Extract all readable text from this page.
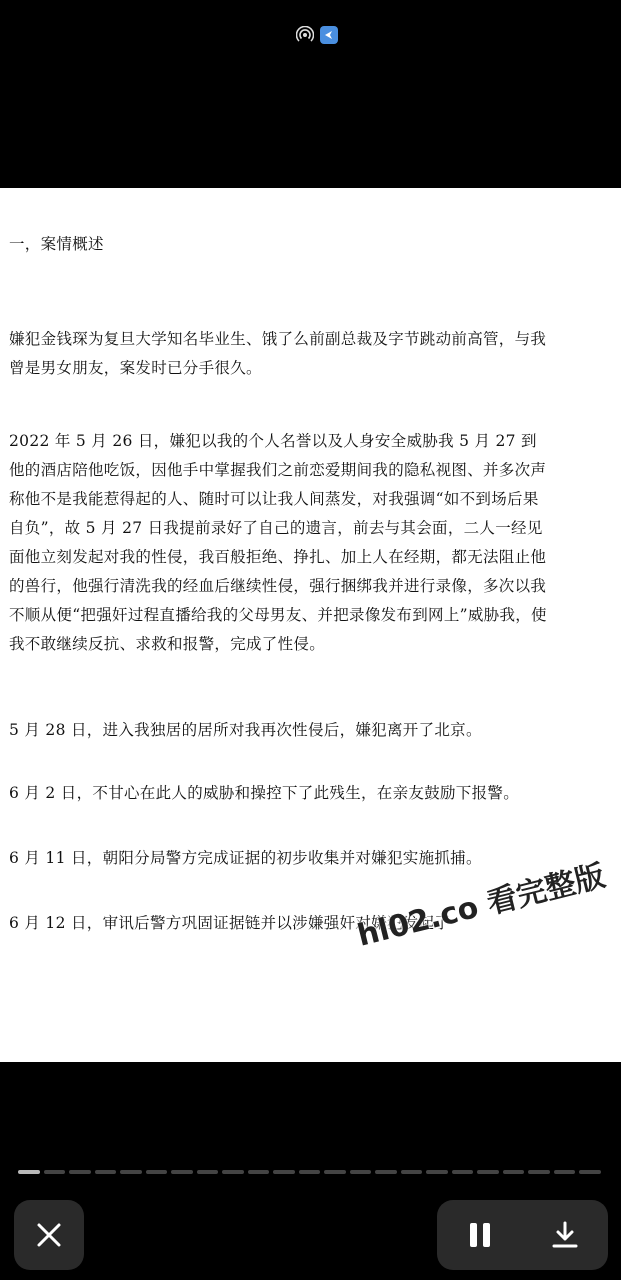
一，案情概述

嫌犯金钱琛为复旦大学知名毕业生、饿了么前副总裁及字节跳动前高管，与我曾是男女朋友，案发时已分手很久。

2022 年 5 月 26 日，嫌犯以我的个人名誉以及人身安全威胁我 5 月 27 到他的酒店陪他吃饭，因他手中掌握我们之前恋爱期间我的隐私视图、并多次声称他不是我能惹得起的人、随时可以让我人间蒸发，对我强调“如不到场后果自负”，故 5 月 27 日我提前录好了自己的遗言，前去与其会面，二人一经见面他立刻发起对我的性侵，我百般拒绝、挣扎、加上人在经期，都无法阻止他的兽行，他强行清洗我的经血后继续性侵，强行捆绑我并进行录像，多次以我不顺从便“把强奸过程直播给我的父母男友、并把录像发布到网上”威胁我，使我不敢继续反抗、求救和报警，完成了性侵。

5 月 28 日，进入我独居的居所对我再次性侵后，嫌犯离开了北京。

6 月 2 日，不甘心在此人的威胁和操控下了此残生，在亲友鼓励下报警。

6 月 11 日，朝阳分局警方完成证据的初步收集并对嫌犯实施抓捕。

6 月 12 日，审讯后警方巩固证据链并以涉嫌强奸对嫌犯发起了

hl02.co 看完整版
